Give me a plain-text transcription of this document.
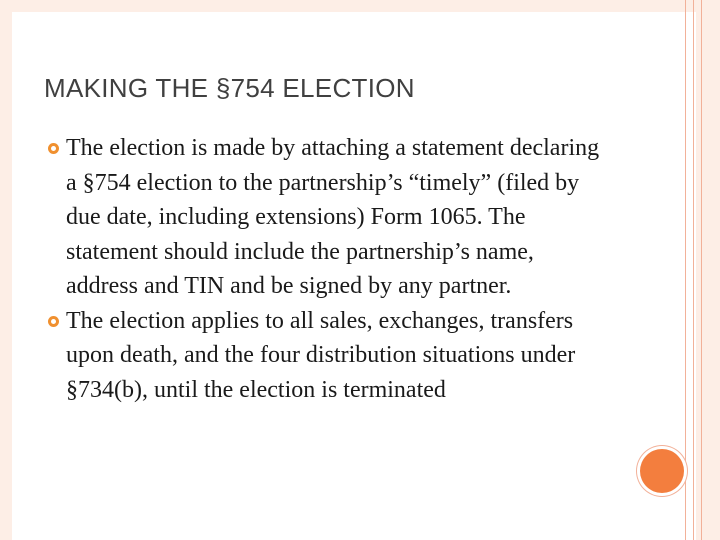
MAKING THE §754 ELECTION
The election is made by attaching a statement declaring a §754 election to the partnership’s “timely” (filed by due date, including extensions) Form 1065. The statement should include the partnership’s name, address and TIN and be signed by any partner.
The election applies to all sales, exchanges, transfers upon death, and the four distribution situations under §734(b), until the election is terminated
